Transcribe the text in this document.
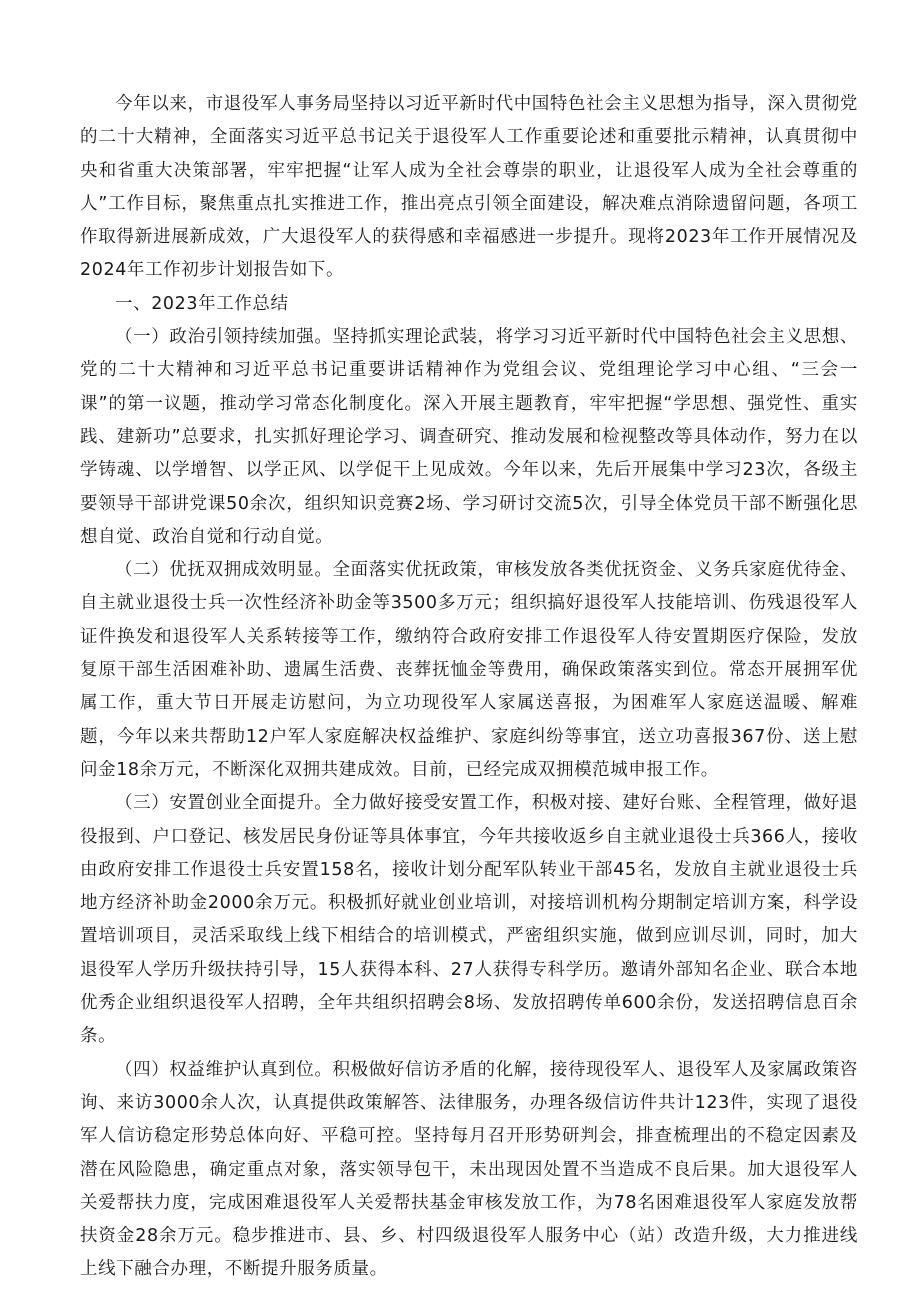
今年以来，市退役军人事务局坚持以习近平新时代中国特色社会主义思想为指导，深入贯彻党的二十大精神，全面落实习近平总书记关于退役军人工作重要论述和重要批示精神，认真贯彻中央和省重大决策部署，牢牢把握“让军人成为全社会尊崇的职业，让退役军人成为全社会尊重的人”工作目标，聚焦重点扎实推进工作，推出亮点引领全面建设，解决难点消除遗留问题，各项工作取得新进展新成效，广大退役军人的获得感和幸福感进一步提升。现将2023年工作开展情况及2024年工作初步计划报告如下。

一、2023年工作总结

（一）政治引领持续加强。坚持抓实理论武装，将学习习近平新时代中国特色社会主义思想、党的二十大精神和习近平总书记重要讲话精神作为党组会议、党组理论学习中心组、“三会一课”的第一议题，推动学习常态化制度化。深入开展主题教育，牢牢把握“学思想、强党性、重实践、建新功”总要求，扎实抓好理论学习、调查研究、推动发展和检视整改等具体动作，努力在以学铸魂、以学增智、以学正风、以学促干上见成效。今年以来，先后开展集中学习23次，各级主要领导干部讲党课50余次，组织知识竞赛2场、学习研讨交流5次，引导全体党员干部不断强化思想自觉、政治自觉和行动自觉。

（二）优抚双拥成效明显。全面落实优抚政策，审核发放各类优抚资金、义务兵家庭优待金、自主就业退役士兵一次性经济补助金等3500多万元；组织搞好退役军人技能培训、伤残退役军人证件换发和退役军人关系转接等工作，缴纳符合政府安排工作退役军人待安置期医疗保险，发放复原干部生活困难补助、遗属生活费、丧葬抚恤金等费用，确保政策落实到位。常态开展拥军优属工作，重大节日开展走访慰问，为立功现役军人家属送喜报，为困难军人家庭送温暖、解难题，今年以来共帮助12户军人家庭解决权益维护、家庭纠纷等事宜，送立功喜报367份、送上慰问金18余万元，不断深化双拥共建成效。目前，已经完成双拥模范城申报工作。

（三）安置创业全面提升。全力做好接受安置工作，积极对接、建好台账、全程管理，做好退役报到、户口登记、核发居民身份证等具体事宜，今年共接收返乡自主就业退役士兵366人，接收由政府安排工作退役士兵安置158名，接收计划分配军队转业干部45名，发放自主就业退役士兵地方经济补助金2000余万元。积极抓好就业创业培训，对接培训机构分期制定培训方案，科学设置培训项目，灵活采取线上线下相结合的培训模式，严密组织实施，做到应训尽训，同时，加大退役军人学历升级扶持引导，15人获得本科、27人获得专科学历。邀请外部知名企业、联合本地优秀企业组织退役军人招聘，全年共组织招聘会8场、发放招聘传单600余份，发送招聘信息百余条。

（四）权益维护认真到位。积极做好信访矛盾的化解，接待现役军人、退役军人及家属政策咨询、来访3000余人次，认真提供政策解答、法律服务，办理各级信访件共计123件，实现了退役军人信访稳定形势总体向好、平稳可控。坚持每月召开形势研判会，排查梳理出的不稳定因素及潜在风险隐患，确定重点对象，落实领导包干，未出现因处置不当造成不良后果。加大退役军人关爱帮扶力度，完成困难退役军人关爱帮扶基金审核发放工作，为78名困难退役军人家庭发放帮扶资金28余万元。稳步推进市、县、乡、村四级退役军人服务中心（站）改造升级，大力推进线上线下融合办理，不断提升服务质量。
